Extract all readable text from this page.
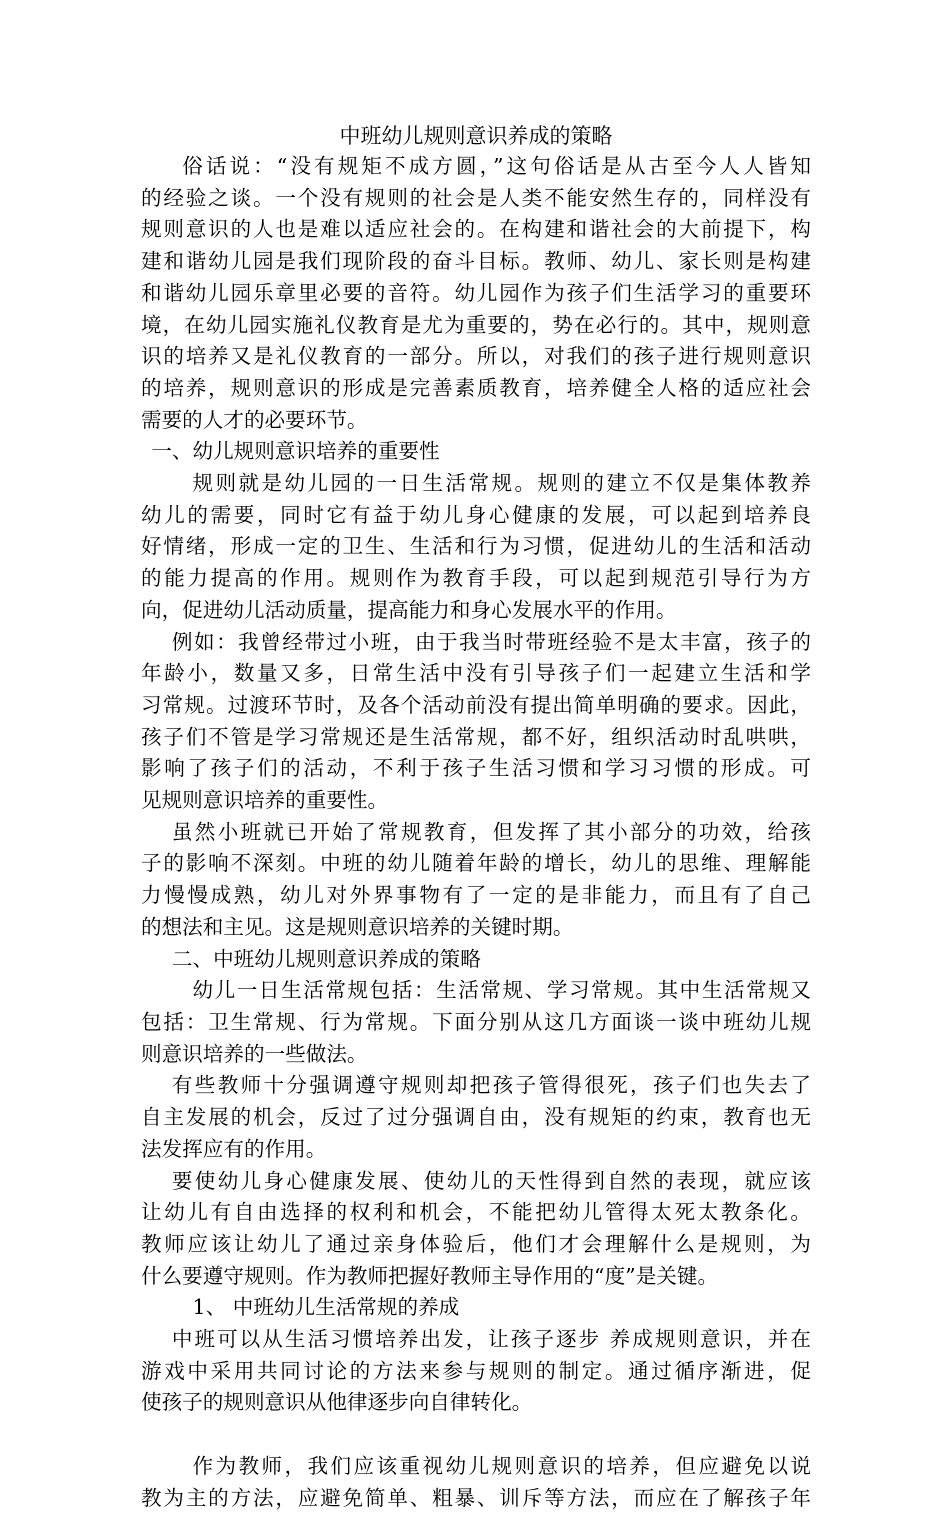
中班幼儿规则意识养成的策略
俗话说：“没有规矩不成方圆，”这句俗话是从古至今人人皆知
的经验之谈。一个没有规则的社会是人类不能安然生存的，同样没有
规则意识的人也是难以适应社会的。在构建和谐社会的大前提下，构
建和谐幼儿园是我们现阶段的奋斗目标。教师、幼儿、家长则是构建
和谐幼儿园乐章里必要的音符。幼儿园作为孩子们生活学习的重要环
境，在幼儿园实施礼仪教育是尤为重要的，势在必行的。其中，规则意
识的培养又是礼仪教育的一部分。所以，对我们的孩子进行规则意识
的培养，规则意识的形成是完善素质教育，培养健全人格的适应社会
需要的人才的必要环节。

一、幼儿规则意识培养的重要性

规则就是幼儿园的一日生活常规。规则的建立不仅是集体教养
幼儿的需要，同时它有益于幼儿身心健康的发展，可以起到培养良
好情绪，形成一定的卫生、生活和行为习惯，促进幼儿的生活和活动
的能力提高的作用。规则作为教育手段，可以起到规范引导行为方
向，促进幼儿活动质量，提高能力和身心发展水平的作用。
例如：我曾经带过小班，由于我当时带班经验不是太丰富，孩子的
年龄小，数量又多，日常生活中没有引导孩子们一起建立生活和学
习常规。过渡环节时，及各个活动前没有提出简单明确的要求。因此，
孩子们不管是学习常规还是生活常规，都不好，组织活动时乱哄哄，
影响了孩子们的活动，不利于孩子生活习惯和学习习惯的形成。可
见规则意识培养的重要性。
虽然小班就已开始了常规教育，但发挥了其小部分的功效，给孩
子的影响不深刻。中班的幼儿随着年龄的增长，幼儿的思维、理解能
力慢慢成熟，幼儿对外界事物有了一定的是非能力，而且有了自己
的想法和主见。这是规则意识培养的关键时期。

二、中班幼儿规则意识养成的策略

幼儿一日生活常规包括：生活常规、学习常规。其中生活常规又
包括：卫生常规、行为常规。下面分别从这几方面谈一谈中班幼儿规
则意识培养的一些做法。
有些教师十分强调遵守规则却把孩子管得很死，孩子们也失去了
自主发展的机会，反过了过分强调自由，没有规矩的约束，教育也无
法发挥应有的作用。
要使幼儿身心健康发展、使幼儿的天性得到自然的表现，就应该
让幼儿有自由选择的权利和机会，不能把幼儿管得太死太教条化。
教师应该让幼儿了通过亲身体验后，他们才会理解什么是规则，为
什么要遵守规则。作为教师把握好教师主导作用的“度”是关键。

1、 中班幼儿生活常规的养成

中班可以从生活习惯培养出发，让孩子逐步 养成规则意识，并在
游戏中采用共同讨论的方法来参与规则的制定。通过循序渐进，促
使孩子的规则意识从他律逐步向自律转化。
作为教师，我们应该重视幼儿规则意识的培养，但应避免以说
教为主的方法，应避免简单、粗暴、训斥等方法，而应在了解孩子年
